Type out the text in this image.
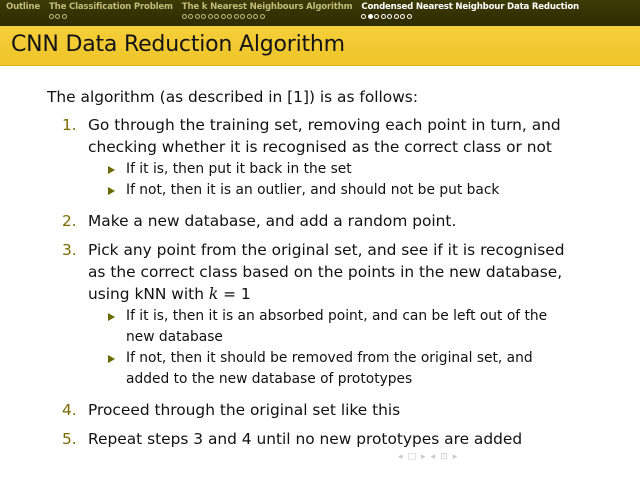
Outline The Classification Problem The k Nearest Neighbours Algorithm Condensed Nearest Neighbour Data Reduction
CNN Data Reduction Algorithm
The algorithm (as described in [1]) is as follows:
1. Go through the training set, removing each point in turn, and
checking whether it is recognised as the correct class or not
If it is, then put it back in the set
If not, then it is an outlier, and should not be put back
2. Make a new database, and add a random point.
3. Pick any point from the original set, and see if it is recognised
as the correct class based on the points in the new database,
using kNN with k = 1
If it is, then it is an absorbed point, and can be left out of the
new database
If not, then it should be removed from the original set, and
added to the new database of prototypes
4. Proceed through the original set like this
5. Repeat steps 3 and 4 until no new prototypes are added
◂ □ ▸ ◂ ⊡ ▸
